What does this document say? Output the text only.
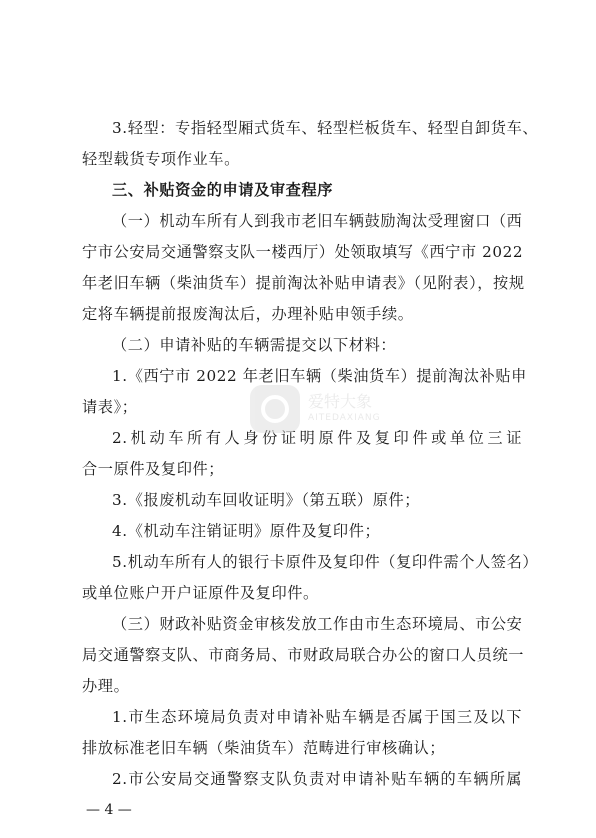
3.轻型：专指轻型厢式货车、轻型栏板货车、轻型自卸货车、
轻型载货专项作业车。
三、补贴资金的申请及审查程序
（一）机动车所有人到我市老旧车辆鼓励淘汰受理窗口（西
宁市公安局交通警察支队一楼西厅）处领取填写《西宁市 2022
年老旧车辆（柴油货车）提前淘汰补贴申请表》（见附表），按规
定将车辆提前报废淘汰后，办理补贴申领手续。
（二）申请补贴的车辆需提交以下材料：
1.《西宁市 2022 年老旧车辆（柴油货车）提前淘汰补贴申
请表》；
2.机动车所有人身份证明原件及复印件或单位三证
合一原件及复印件；
3.《报废机动车回收证明》（第五联）原件；
4.《机动车注销证明》原件及复印件；
5.机动车所有人的银行卡原件及复印件（复印件需个人签名）
或单位账户开户证原件及复印件。
（三）财政补贴资金审核发放工作由市生态环境局、市公安
局交通警察支队、市商务局、市财政局联合办公的窗口人员统一
办理。
1.市生态环境局负责对申请补贴车辆是否属于国三及以下
排放标准老旧车辆（柴油货车）范畴进行审核确认；
2.市公安局交通警察支队负责对申请补贴车辆的车辆所属
— 4 —
爱特大象
AITEDAXIANG
